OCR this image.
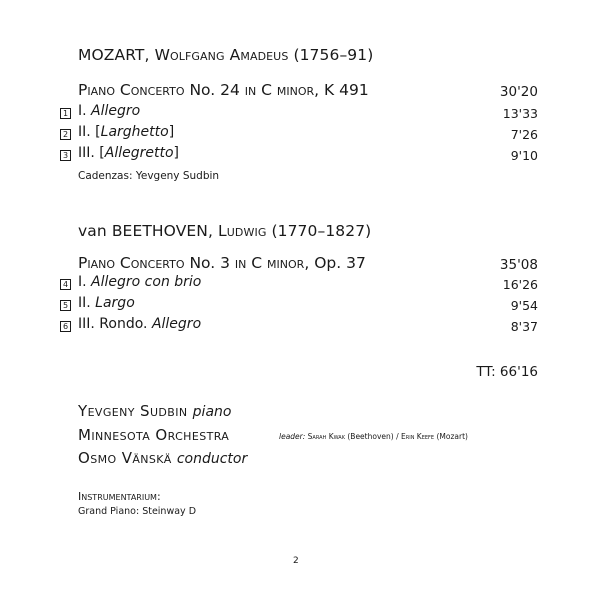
MOZART, Wolfgang Amadeus (1756–91)
Piano Concerto No. 24 in C minor, K 491	30'20
1 I. Allegro	13'33
2 II. [Larghetto]	7'26
3 III. [Allegretto]	9'10
Cadenzas: Yevgeny Sudbin
van BEETHOVEN, Ludwig (1770–1827)
Piano Concerto No. 3 in C minor, Op. 37	35'08
4 I. Allegro con brio	16'26
5 II. Largo	9'54
6 III. Rondo. Allegro	8'37
TT: 66'16
Yevgeny Sudbin piano
Minnesota Orchestra	leader: Sarah Kwak (Beethoven) / Erin Keefe (Mozart)
Osmo Vänskä conductor
Instrumentarium:
Grand Piano: Steinway D
2
